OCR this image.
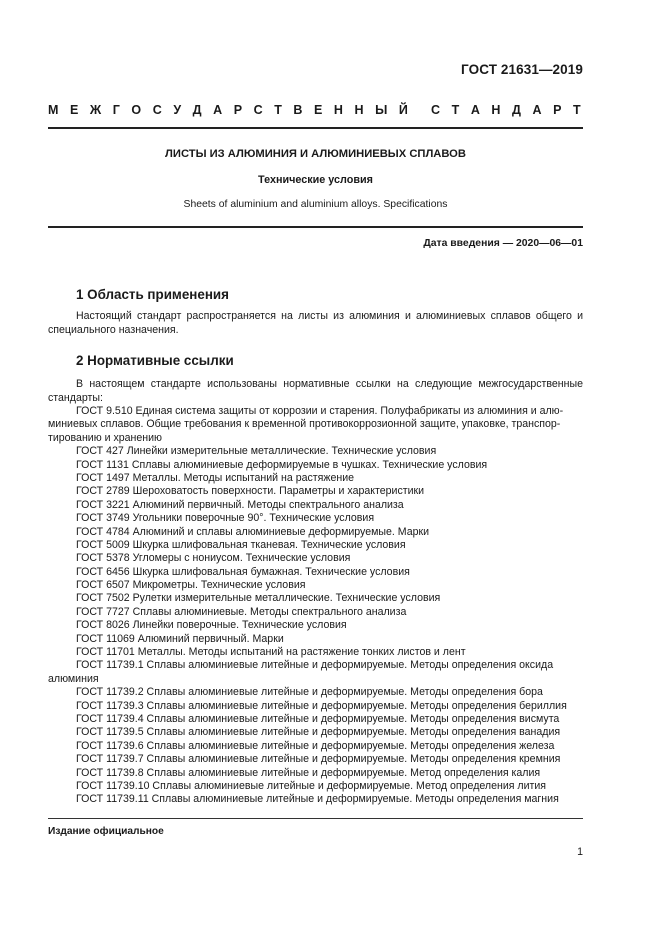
ГОСТ 21631—2019
М Е Ж Г О С У Д А Р С Т В Е Н Н Ы Й С Т А Н Д А Р Т
ЛИСТЫ ИЗ АЛЮМИНИЯ И АЛЮМИНИЕВЫХ СПЛАВОВ
Технические условия
Sheets of aluminium and aluminium alloys. Specifications
Дата введения — 2020—06—01
1 Область применения
Настоящий стандарт распространяется на листы из алюминия и алюминиевых сплавов общего и специального назначения.
2 Нормативные ссылки
В настоящем стандарте использованы нормативные ссылки на следующие межгосударственные стандарты:
ГОСТ 9.510 Единая система защиты от коррозии и старения. Полуфабрикаты из алюминия и алю-
миниевых сплавов. Общие требования к временной противокоррозионной защите, упаковке, транспор-
тированию и хранению
ГОСТ 427 Линейки измерительные металлические. Технические условия
ГОСТ 1131 Сплавы алюминиевые деформируемые в чушках. Технические условия
ГОСТ 1497 Металлы. Методы испытаний на растяжение
ГОСТ 2789 Шероховатость поверхности. Параметры и характеристики
ГОСТ 3221 Алюминий первичный. Методы спектрального анализа
ГОСТ 3749 Угольники поверочные 90°. Технические условия
ГОСТ 4784 Алюминий и сплавы алюминиевые деформируемые. Марки
ГОСТ 5009 Шкурка шлифовальная тканевая. Технические условия
ГОСТ 5378 Угломеры с нониусом. Технические условия
ГОСТ 6456 Шкурка шлифовальная бумажная. Технические условия
ГОСТ 6507 Микрометры. Технические условия
ГОСТ 7502 Рулетки измерительные металлические. Технические условия
ГОСТ 7727 Сплавы алюминиевые. Методы спектрального анализа
ГОСТ 8026 Линейки поверочные. Технические условия
ГОСТ 11069 Алюминий первичный. Марки
ГОСТ 11701 Металлы. Методы испытаний на растяжение тонких листов и лент
ГОСТ 11739.1 Сплавы алюминиевые литейные и деформируемые. Методы определения оксида
алюминия
ГОСТ 11739.2 Сплавы алюминиевые литейные и деформируемые. Методы определения бора
ГОСТ 11739.3 Сплавы алюминиевые литейные и деформируемые. Методы определения бериллия
ГОСТ 11739.4 Сплавы алюминиевые литейные и деформируемые. Методы определения висмута
ГОСТ 11739.5 Сплавы алюминиевые литейные и деформируемые. Методы определения ванадия
ГОСТ 11739.6 Сплавы алюминиевые литейные и деформируемые. Методы определения железа
ГОСТ 11739.7 Сплавы алюминиевые литейные и деформируемые. Методы определения кремния
ГОСТ 11739.8 Сплавы алюминиевые литейные и деформируемые. Метод определения калия
ГОСТ 11739.10 Сплавы алюминиевые литейные и деформируемые. Метод определения лития
ГОСТ 11739.11 Сплавы алюминиевые литейные и деформируемые. Методы определения магния
Издание официальное
1
